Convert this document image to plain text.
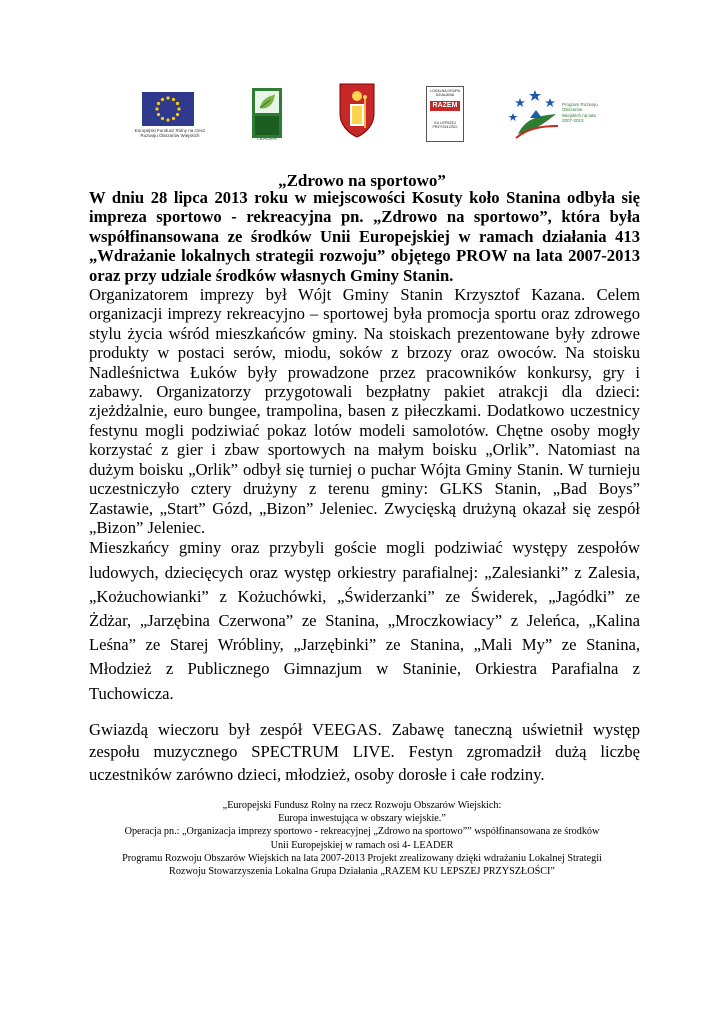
Europejski Fundusz Rolny na rzecz Rozwoju Obszarów Wiejskich
LEADER
LOKALNA GRUPA DZIAŁANIA
RAZEM
KU LEPSZEJ PRZYSZŁOŚCI
Program Rozwoju Obszarów Wiejskich na lata 2007-2013
„Zdrowo na sportowo”

W dniu 28 lipca 2013 roku w miejscowości Kosuty koło Stanina odbyła się impreza sportowo - rekreacyjna pn. „Zdrowo na sportowo”, która była współfinansowana ze środków Unii Europejskiej w ramach działania 413 „Wdrażanie lokalnych strategii rozwoju” objętego PROW na lata 2007-2013 oraz przy udziale środków własnych Gminy Stanin.

Organizatorem imprezy był Wójt Gminy Stanin Krzysztof Kazana. Celem organizacji imprezy rekreacyjno – sportowej była promocja sportu oraz zdrowego stylu życia wśród mieszkańców gminy. Na stoiskach prezentowane były zdrowe produkty w postaci serów, miodu, soków z brzozy oraz owoców. Na stoisku Nadleśnictwa Łuków były prowadzone przez pracowników konkursy, gry i zabawy. Organizatorzy przygotowali bezpłatny pakiet atrakcji dla dzieci: zjeżdżalnie, euro bungee, trampolina, basen z piłeczkami. Dodatkowo uczestnicy festynu mogli podziwiać pokaz lotów modeli samolotów. Chętne osoby mogły korzystać z gier i zbaw sportowych na małym boisku „Orlik”. Natomiast na dużym boisku „Orlik” odbył się turniej o puchar Wójta Gminy Stanin. W turnieju uczestniczyło cztery drużyny z terenu gminy: GLKS Stanin, „Bad Boys” Zastawie, „Start” Gózd, „Bizon” Jeleniec. Zwycięską drużyną okazał się zespół „Bizon” Jeleniec.

Mieszkańcy gminy oraz przybyli goście mogli podziwiać występy zespołów ludowych, dziecięcych oraz występ orkiestry parafialnej: „Zalesianki” z Zalesia, „Kożuchowianki” z Kożuchówki, „Świderzanki” ze Świderek, „Jagódki” ze Żdżar, „Jarzębina Czerwona” ze Stanina, „Mroczkowiacy” z Jeleńca, „Kalina Leśna” ze Starej Wróbliny, „Jarzębinki” ze Stanina, „Mali My” ze Stanina, Młodzież z Publicznego Gimnazjum w Staninie, Orkiestra Parafialna z Tuchowicza.

Gwiazdą wieczoru był zespół VEEGAS. Zabawę taneczną uświetnił występ zespołu muzycznego SPECTRUM LIVE. Festyn zgromadził dużą liczbę uczestników zarówno dzieci, młodzież, osoby dorosłe i całe rodziny.

„Europejski Fundusz Rolny na rzecz Rozwoju Obszarów Wiejskich:

Europa inwestująca w obszary wiejskie.”

Operacja pn.: „Organizacja imprezy sportowo - rekreacyjnej „Zdrowo na sportowo”” współfinansowana ze środków

Unii Europejskiej w ramach osi 4- LEADER

Programu Rozwoju Obszarów Wiejskich na lata 2007-2013 Projekt zrealizowany dzięki wdrażaniu Lokalnej Strategii

Rozwoju Stowarzyszenia Lokalna Grupa Działania „RAZEM KU LEPSZEJ PRZYSZŁOŚCI”
